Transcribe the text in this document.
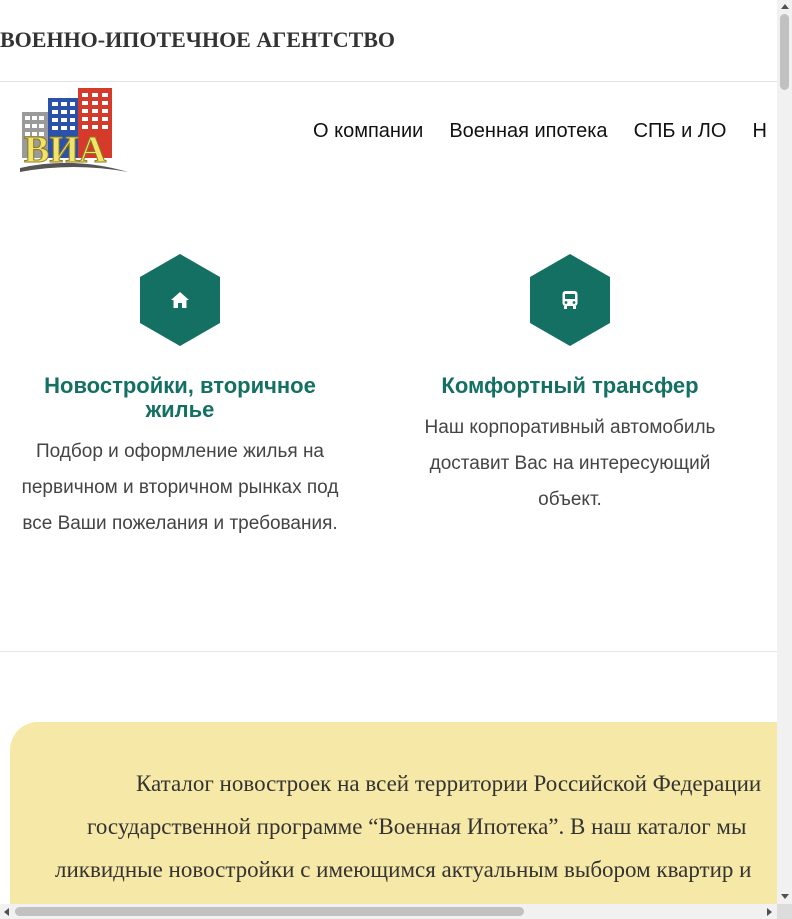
ВОЕННО-ИПОТЕЧНОЕ АГЕНТСТВО
ВИА	О компании Военная ипотека СПБ и ЛО Н
Новостройки, вторичное
жилье

Подбор и оформление жилья на
первичном и вторичном рынках под
все Ваши пожелания и требования.

Комфортный трансфер

Наш корпоративный автомобиль
доставит Вас на интересующий
объект.

Каталог новостроек на всей территории Российской Федерации
государственной программе “Военная Ипотека”. В наш каталог мы
ликвидные новостройки с имеющимся актуальным выбором квартир и
